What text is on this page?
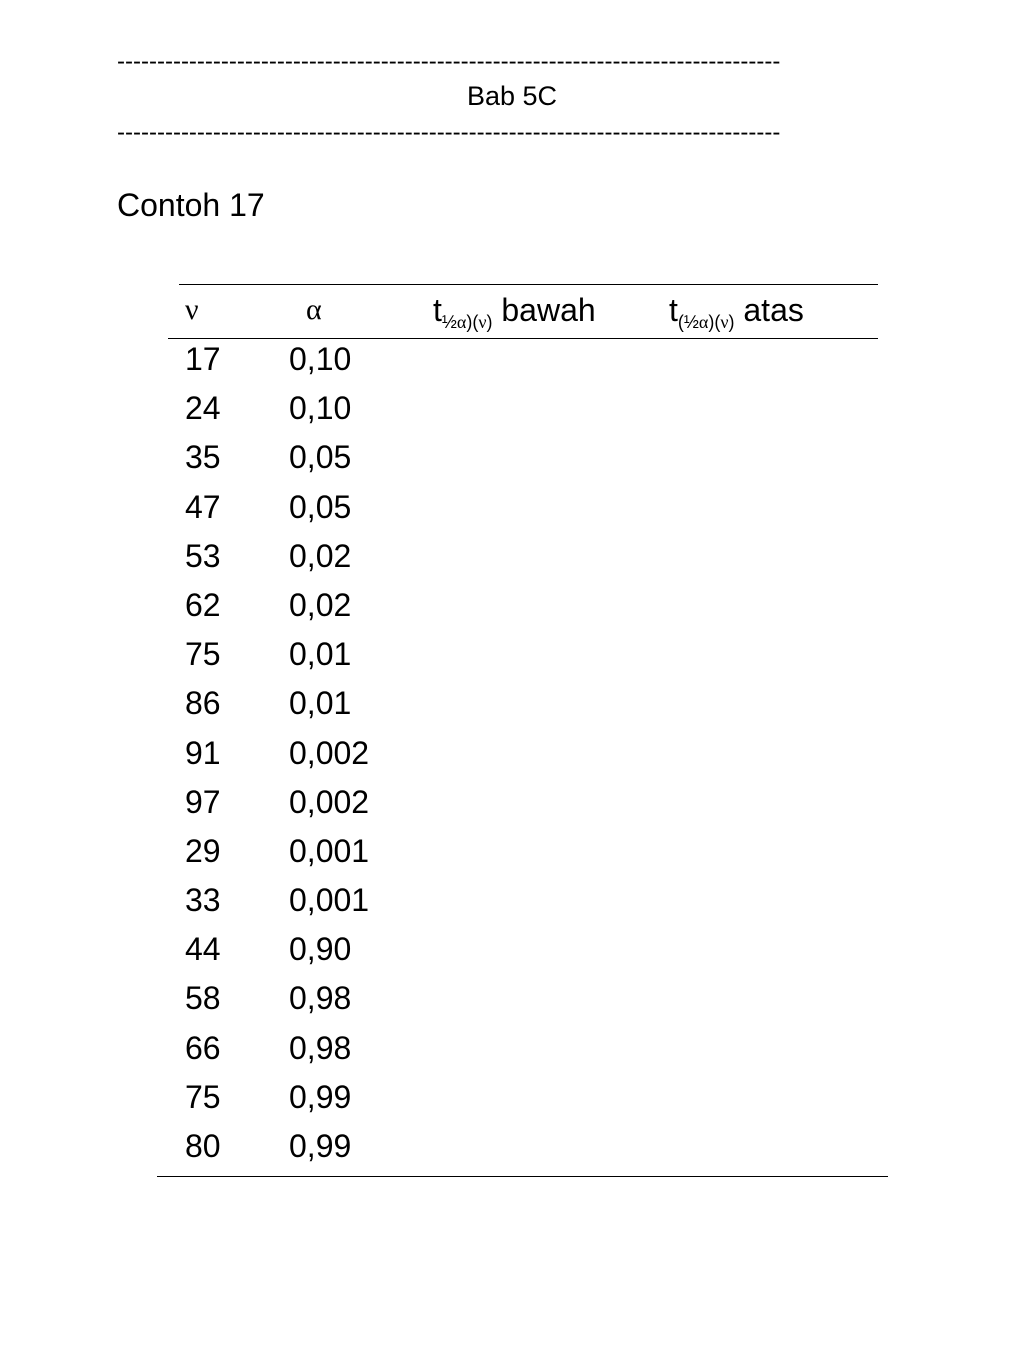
-----------------------------------------------------------------------------------
Bab 5C
-----------------------------------------------------------------------------------
Contoh 17
ν	α	$t_{\frac{1}{2}\alpha)(\nu)}$ bawah $t_{(\frac{1}{2}\alpha)(\nu)}$ atas
17 0,10
24 0,10
35 0,05
47 0,05
53 0,02
62 0,02
75 0,01
86 0,01
91 0,002
97 0,002
29 0,001
33 0,001
44 0,90
58 0,98
66 0,98
75 0,99
80 0,99
